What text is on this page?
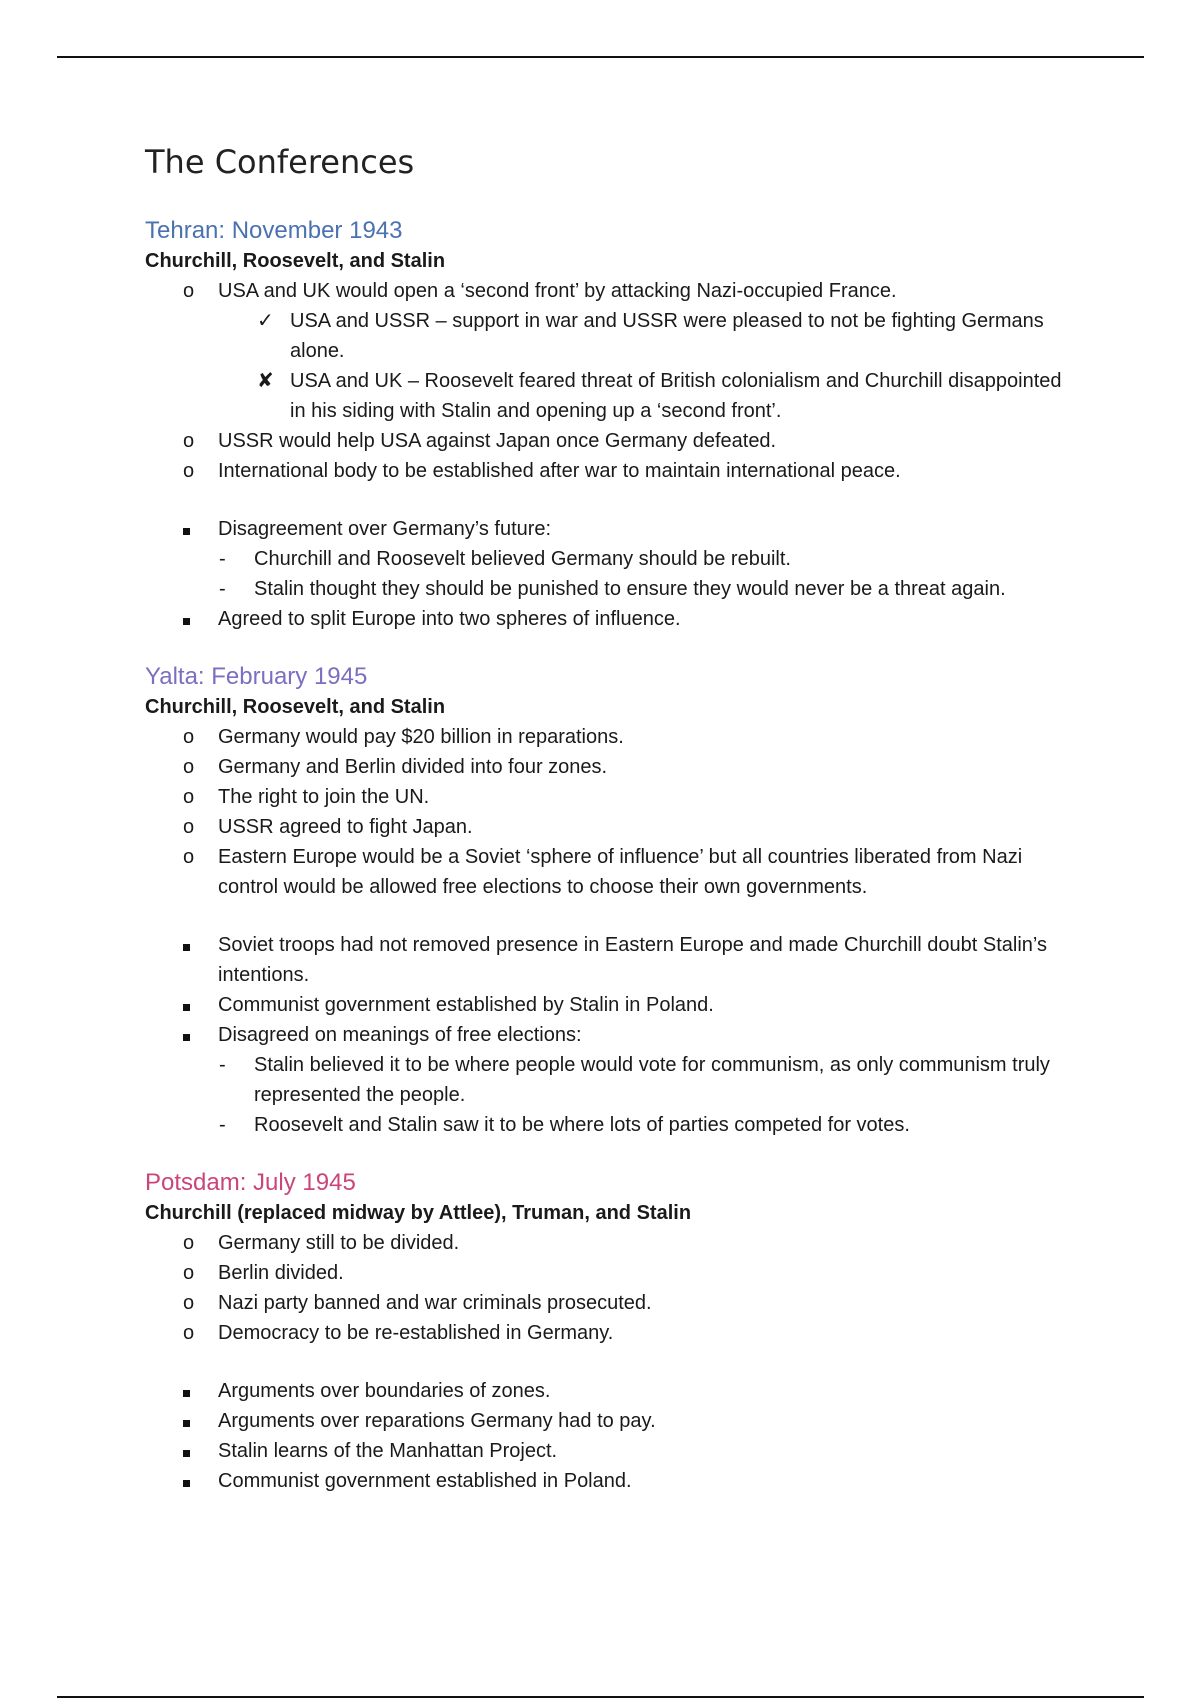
The Conferences
Tehran: November 1943

Churchill, Roosevelt, and Stalin

o USA and UK would open a ‘second front’ by attacking Nazi-occupied France.
✓ USA and USSR – support in war and USSR were pleased to not be fighting Germans alone.
✘ USA and UK – Roosevelt feared threat of British colonialism and Churchill disappointed in his siding with Stalin and opening up a ‘second front’.
o USSR would help USA against Japan once Germany defeated.
o International body to be established after war to maintain international peace.
Disagreement over Germany’s future:
- Churchill and Roosevelt believed Germany should be rebuilt.
- Stalin thought they should be punished to ensure they would never be a threat again.
Agreed to split Europe into two spheres of influence.
Yalta: February 1945

Churchill, Roosevelt, and Stalin

o Germany would pay $20 billion in reparations.
o Germany and Berlin divided into four zones.
o The right to join the UN.
o USSR agreed to fight Japan.
o Eastern Europe would be a Soviet ‘sphere of influence’ but all countries liberated from Nazi control would be allowed free elections to choose their own governments.
Soviet troops had not removed presence in Eastern Europe and made Churchill doubt Stalin’s intentions.
Communist government established by Stalin in Poland.
Disagreed on meanings of free elections:
- Stalin believed it to be where people would vote for communism, as only communism truly represented the people.
- Roosevelt and Stalin saw it to be where lots of parties competed for votes.
Potsdam: July 1945

Churchill (replaced midway by Attlee), Truman, and Stalin

o Germany still to be divided.
o Berlin divided.
o Nazi party banned and war criminals prosecuted.
o Democracy to be re-established in Germany.
Arguments over boundaries of zones.
Arguments over reparations Germany had to pay.
Stalin learns of the Manhattan Project.
Communist government established in Poland.
